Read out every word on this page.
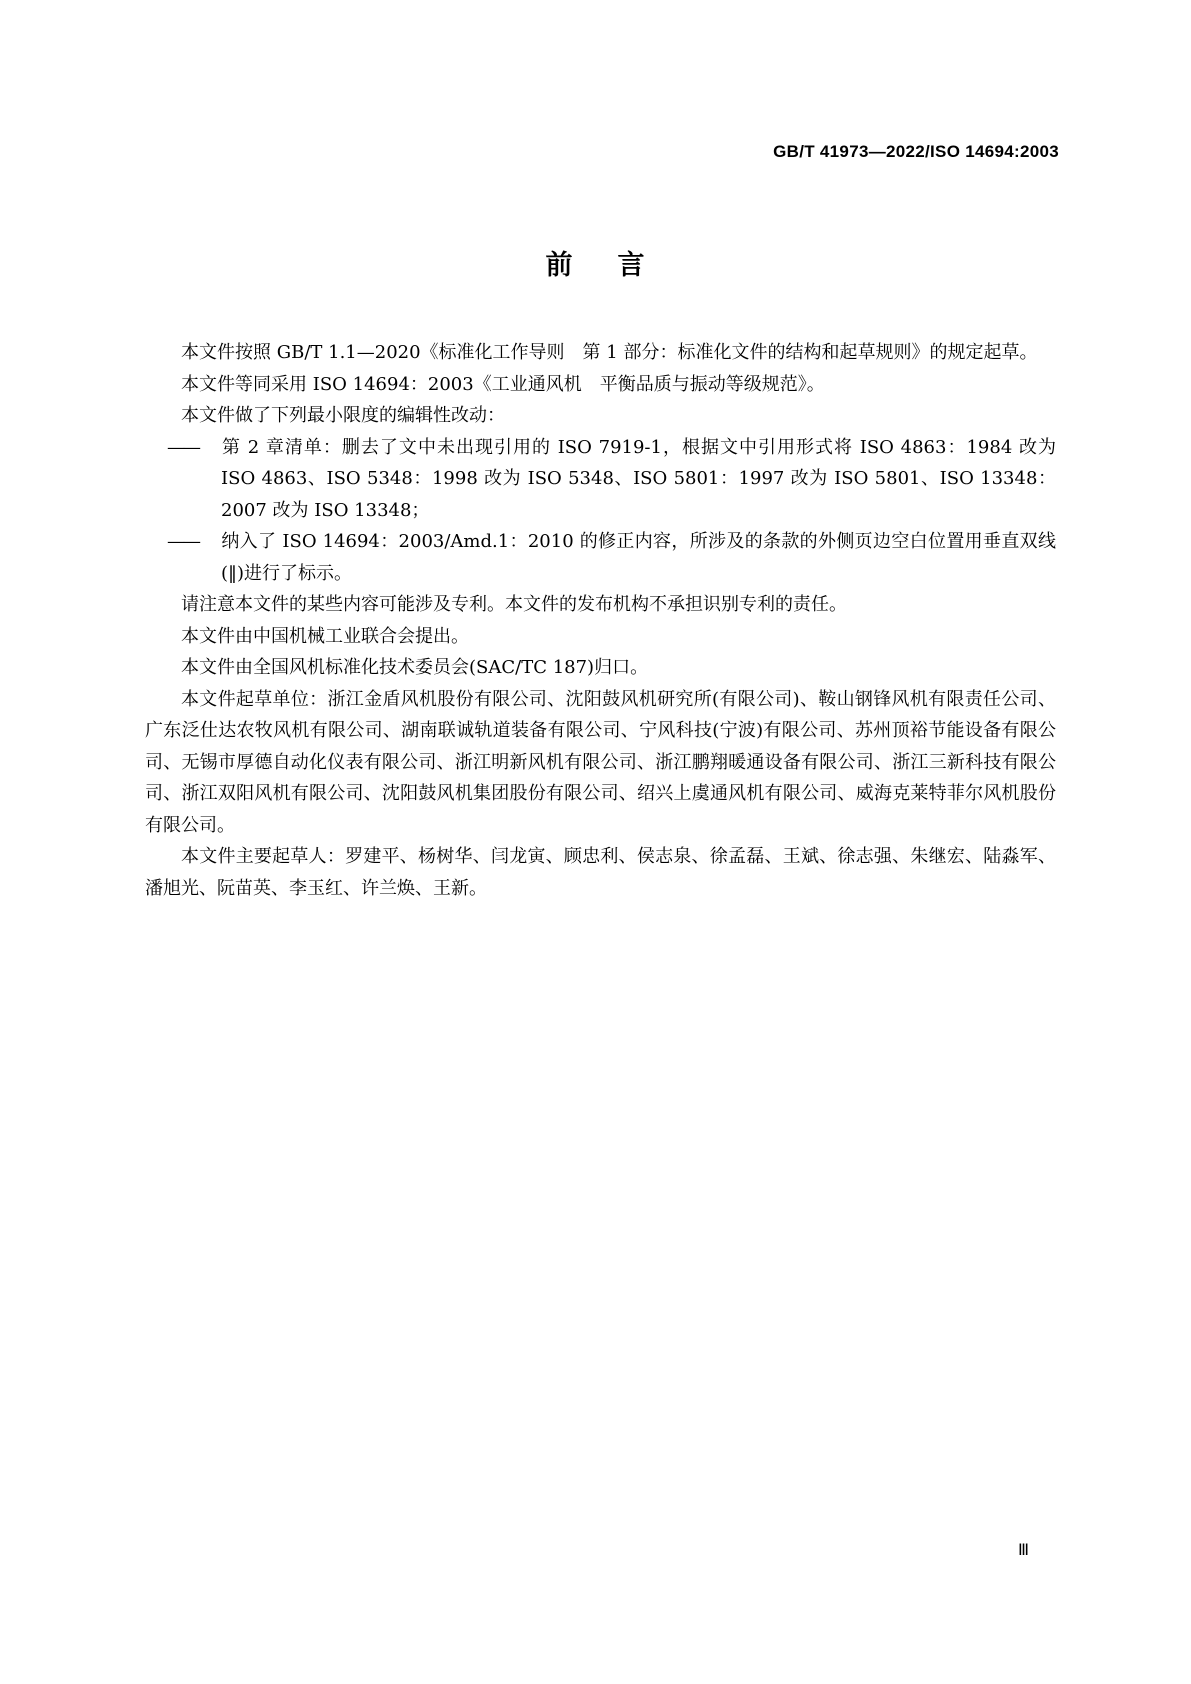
GB/T 41973—2022/ISO 14694:2003
前 言

本文件按照 GB/T 1.1—2020《标准化工作导则　第 1 部分：标准化文件的结构和起草规则》的规定起草。

本文件等同采用 ISO 14694：2003《工业通风机　平衡品质与振动等级规范》。

本文件做了下列最小限度的编辑性改动：

—— 第 2 章清单：删去了文中未出现引用的 ISO 7919-1，根据文中引用形式将 ISO 4863：1984 改为 ISO 4863、ISO 5348：1998 改为 ISO 5348、ISO 5801：1997 改为 ISO 5801、ISO 13348：2007 改为 ISO 13348；

—— 纳入了 ISO 14694：2003/Amd.1：2010 的修正内容，所涉及的条款的外侧页边空白位置用垂直双线(‖)进行了标示。

请注意本文件的某些内容可能涉及专利。本文件的发布机构不承担识别专利的责任。

本文件由中国机械工业联合会提出。

本文件由全国风机标准化技术委员会(SAC/TC 187)归口。

本文件起草单位：浙江金盾风机股份有限公司、沈阳鼓风机研究所(有限公司)、鞍山钢锋风机有限责任公司、广东泛仕达农牧风机有限公司、湖南联诚轨道装备有限公司、宁风科技(宁波)有限公司、苏州顶裕节能设备有限公司、无锡市厚德自动化仪表有限公司、浙江明新风机有限公司、浙江鹏翔暖通设备有限公司、浙江三新科技有限公司、浙江双阳风机有限公司、沈阳鼓风机集团股份有限公司、绍兴上虞通风机有限公司、威海克莱特菲尔风机股份有限公司。

本文件主要起草人：罗建平、杨树华、闫龙寅、顾忠利、侯志泉、徐孟磊、王斌、徐志强、朱继宏、陆淼军、潘旭光、阮苗英、李玉红、许兰焕、王新。

Ⅲ
